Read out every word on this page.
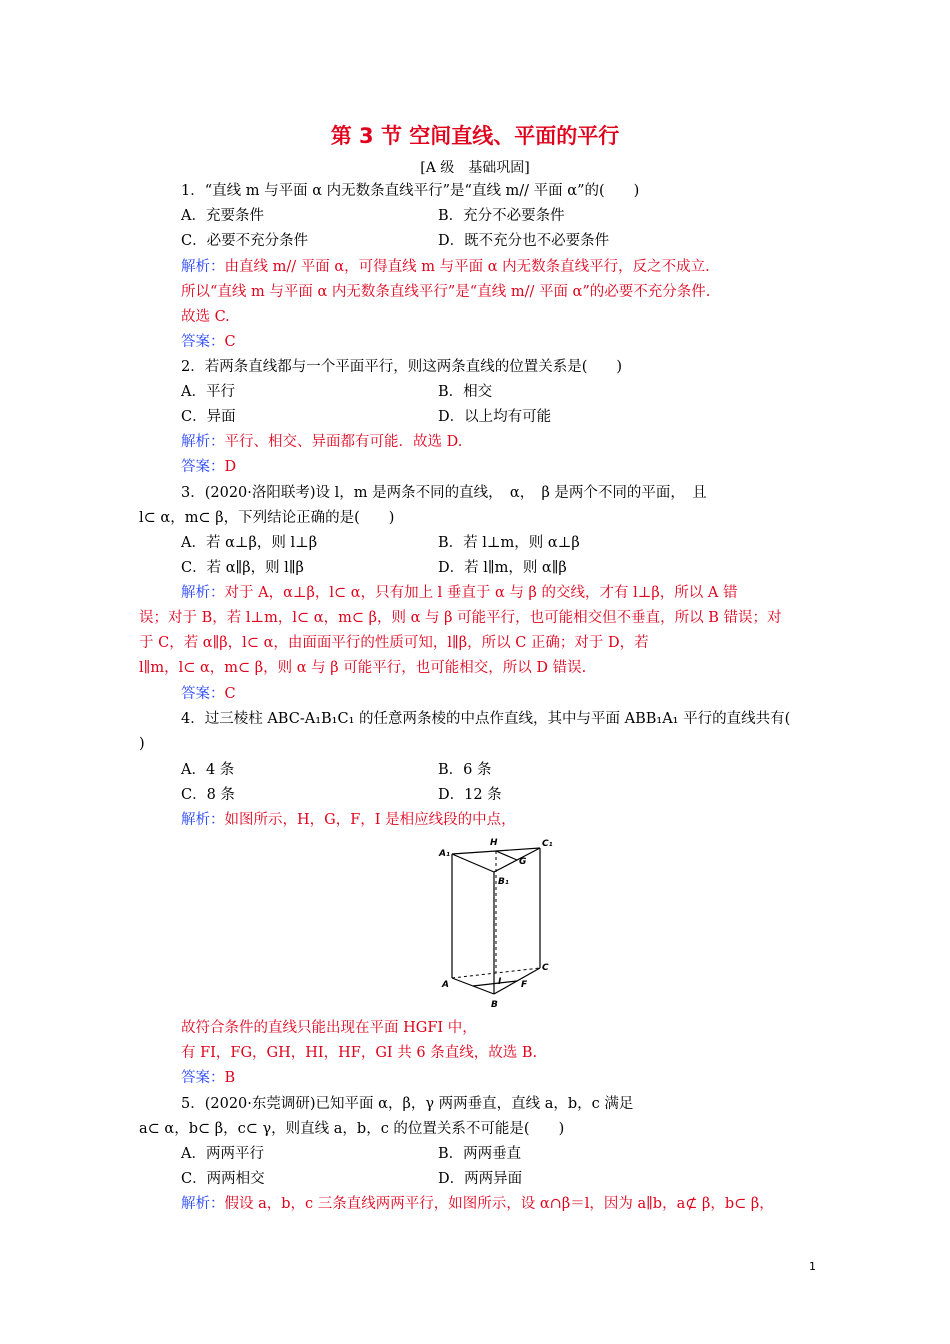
第 3 节 空间直线、平面的平行
[A 级　基础巩固]
1．“直线 m 与平面 α 内无数条直线平行”是“直线 m// 平面 α”的(　　)
A．充要条件	B．充分不必要条件
C．必要不充分条件	D．既不充分也不必要条件
解析：由直线 m// 平面 α，可得直线 m 与平面 α 内无数条直线平行，反之不成立.
所以“直线 m 与平面 α 内无数条直线平行”是“直线 m// 平面 α”的必要不充分条件.
故选 C.
答案：C
2．若两条直线都与一个平面平行，则这两条直线的位置关系是(　　)
A．平行	B．相交
C．异面	D．以上均有可能
解析：平行、相交、异面都有可能．故选 D.
答案：D
3．(2020·洛阳联考)设 l，m 是两条不同的直线，　α，　β 是两个不同的平面，　且
l⊂ α，m⊂ β，下列结论正确的是(　　)
A．若 α⊥β，则 l⊥β	B．若 l⊥m，则 α⊥β
C．若 α∥β，则 l∥β	D．若 l∥m，则 α∥β
解析：对于 A，α⊥β，l⊂ α，只有加上 l 垂直于 α 与 β 的交线，才有 l⊥β，所以 A 错
误；对于 B，若 l⊥m，l⊂ α，m⊂ β，则 α 与 β 可能平行，也可能相交但不垂直，所以 B 错误；对
于 C，若 α∥β，l⊂ α，由面面平行的性质可知，l∥β，所以 C 正确；对于 D，若
l∥m，l⊂ α，m⊂ β，则 α 与 β 可能平行，也可能相交，所以 D 错误.
答案：C
4．过三棱柱 ABC-A₁B₁C₁ 的任意两条棱的中点作直线，其中与平面 ABB₁A₁ 平行的直线共有(
)
A．4 条	B．6 条
C．8 条	D．12 条
解析：如图所示，H，G，F，I 是相应线段的中点，
A₁
H	C₁
G
B₁
C
A	I F
B
故符合条件的直线只能出现在平面 HGFI 中，
有 FI，FG，GH，HI，HF，GI 共 6 条直线，故选 B.
答案：B
5．(2020·东莞调研)已知平面 α，β，γ 两两垂直，直线 a，b，c 满足
a⊂ α，b⊂ β，c⊂ γ，则直线 a，b，c 的位置关系不可能是(　　)
A．两两平行	B．两两垂直
C．两两相交	D．两两异面
解析：假设 a，b，c 三条直线两两平行，如图所示，设 α∩β＝l，因为 a∥b，a⊄ β，b⊂ β，
1
